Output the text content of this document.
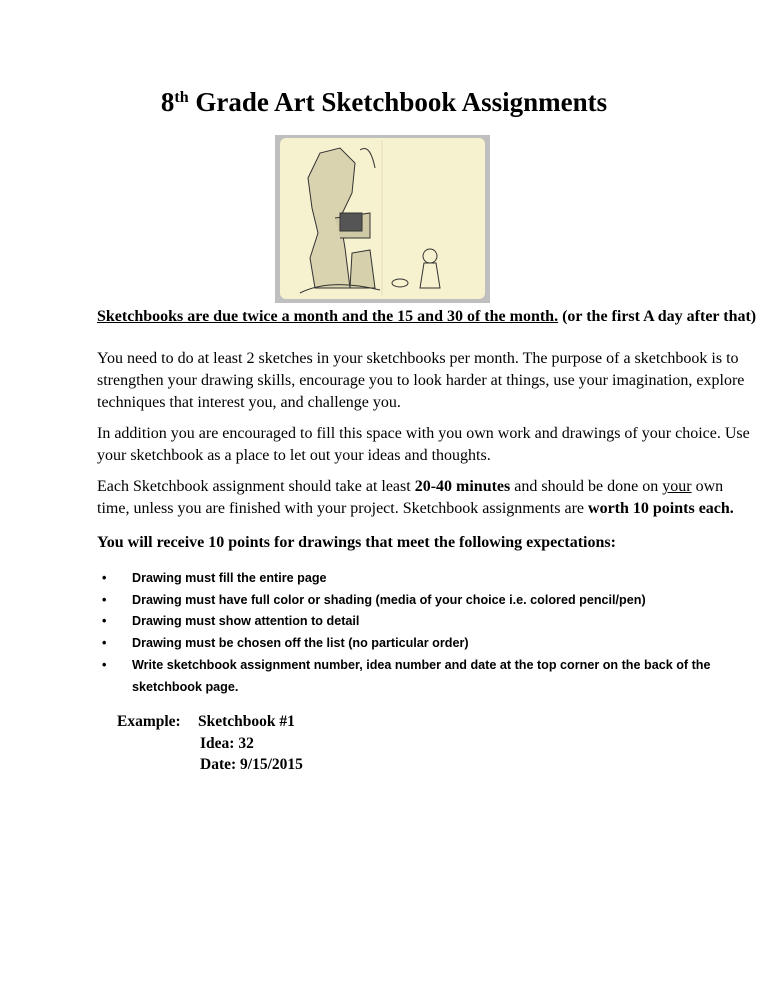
8th Grade Art Sketchbook Assignments
Sketchbooks are due twice a month and the 15 and 30 of the month. (or the first A day after that)
You need to do at least 2 sketches in your sketchbooks per month. The purpose of a sketchbook is to strengthen your drawing skills, encourage you to look harder at things, use your imagination, explore techniques that interest you, and challenge you.
In addition you are encouraged to fill this space with you own work and drawings of your choice. Use your sketchbook as a place to let out your ideas and thoughts.
Each Sketchbook assignment should take at least 20-40 minutes and should be done on your own time, unless you are finished with your project. Sketchbook assignments are worth 10 points each.
You will receive 10 points for drawings that meet the following expectations:
• Drawing must fill the entire page
• Drawing must have full color or shading (media of your choice i.e. colored pencil/pen)
• Drawing must show attention to detail
• Drawing must be chosen off the list (no particular order)
• Write sketchbook assignment number, idea number and date at the top corner on the back of the sketchbook page.
Example:	Sketchbook #1
Idea: 32
Date: 9/15/2015
